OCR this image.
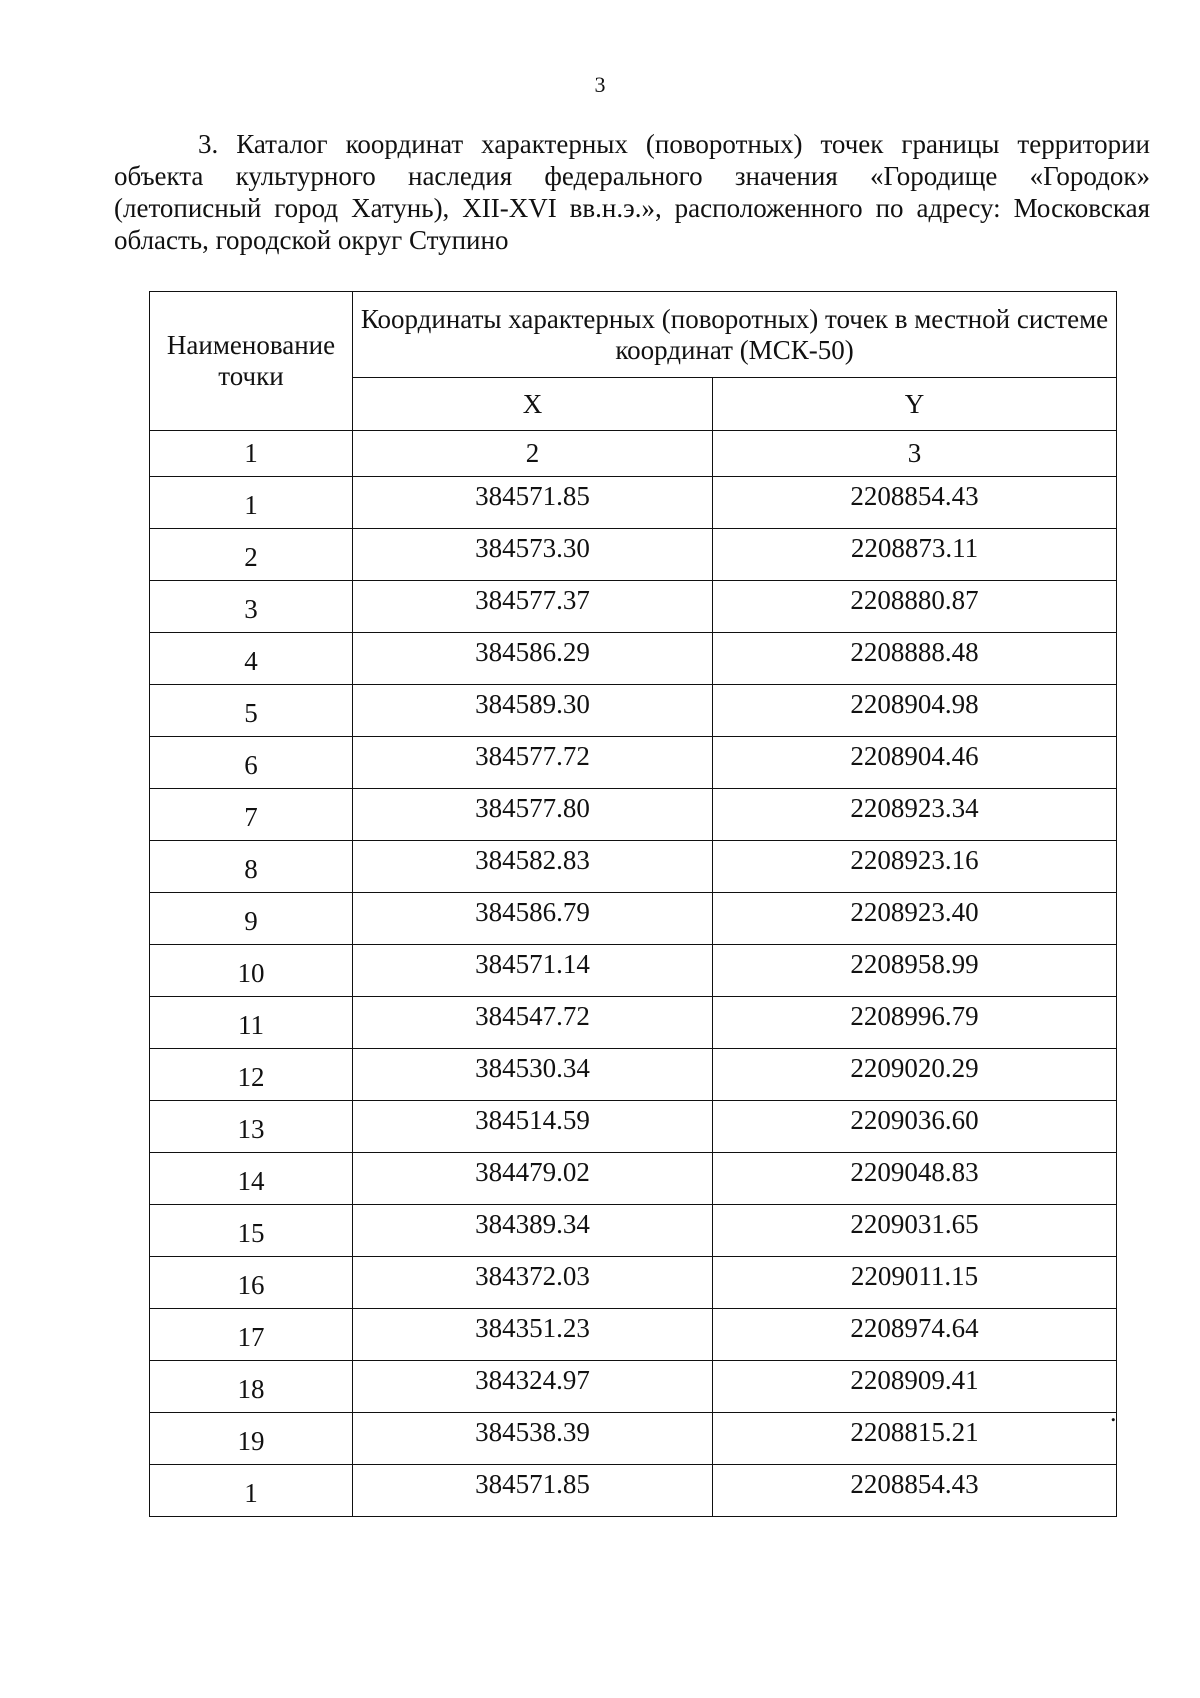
3

3. Каталог координат характерных (поворотных) точек границы территории объекта культурного наследия федерального значения «Городище «Городок» (летописный город Хатунь), XII-XVI вв.н.э.», расположенного по адресу: Московская область, городской округ Ступино

Наименование точки	Координаты характерных (поворотных) точек в местной системе координат (МСК-50)	
	X	Y
1	2	3
1	384571.85	2208854.43
2	384573.30	2208873.11
3	384577.37	2208880.87
4	384586.29	2208888.48
5	384589.30	2208904.98
6	384577.72	2208904.46
7	384577.80	2208923.34
8	384582.83	2208923.16
9	384586.79	2208923.40
10	384571.14	2208958.99
11	384547.72	2208996.79
12	384530.34	2209020.29
13	384514.59	2209036.60
14	384479.02	2209048.83
15	384389.34	2209031.65
16	384372.03	2209011.15
17	384351.23	2208974.64
18	384324.97	2208909.41
19	384538.39	2208815.21
1	384571.85	2208854.43
.
